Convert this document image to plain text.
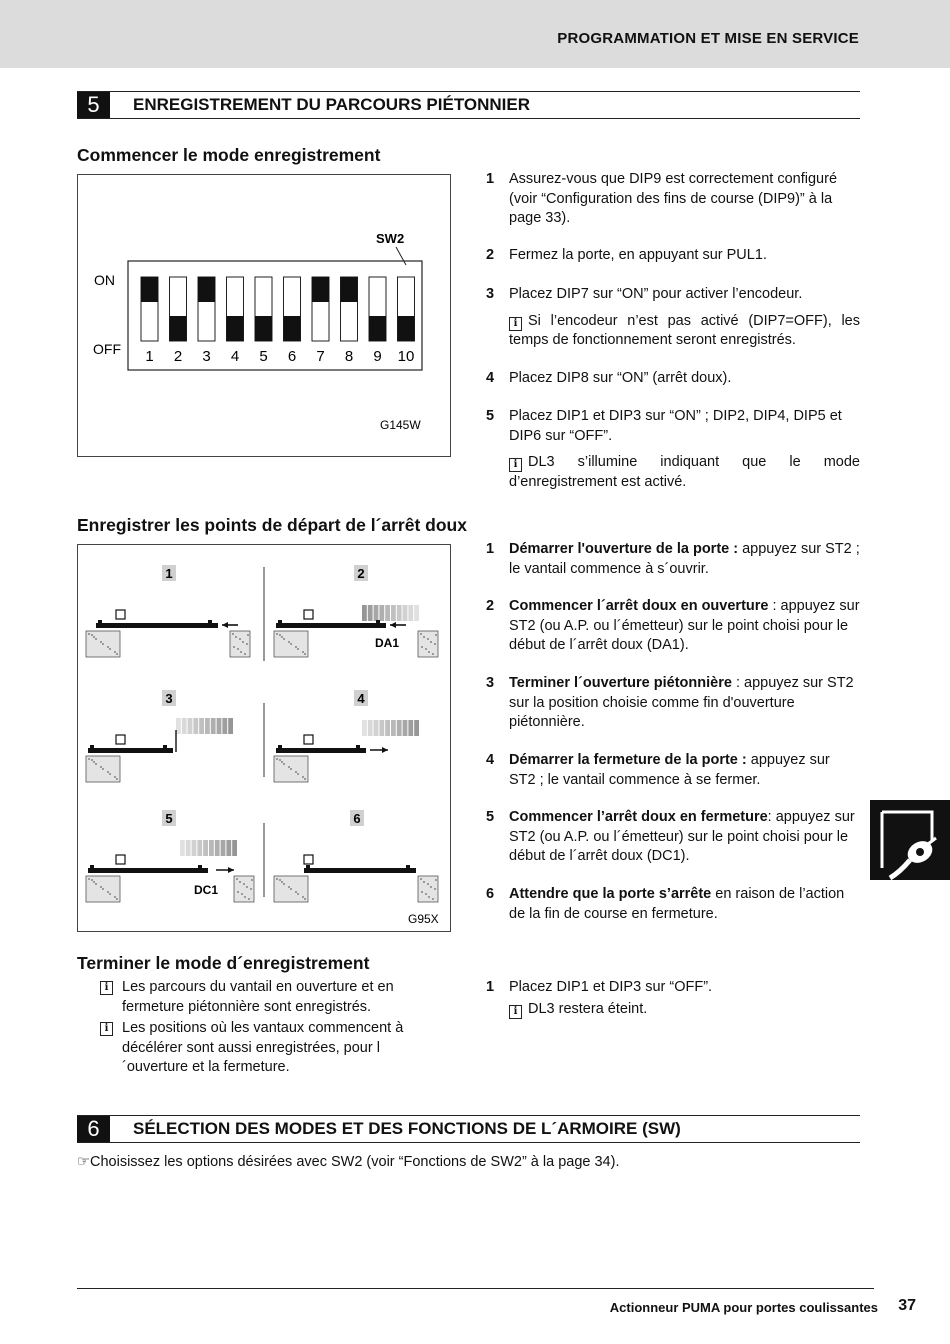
PROGRAMMATION ET MISE EN SERVICE
5	ENREGISTREMENT DU PARCOURS PIÉTONNIER
Commencer le mode enregistrement
SW2
ON
OFF 1 2 3 4 5 6 7 8 9 10
G145W
Enregistrer les points de départ de l´arrêt doux
1	2
3	4
5	6
DA1
DC1
G95X
Terminer le mode d´enregistrement
i Les parcours du vantail en ouverture et en fermeture piétonnière sont enregistrés.
i Les positions où les vantaux commencent à décélérer sont aussi enregistrées, pour l´ouverture et la fermeture.
1 Placez DIP1 et DIP3 sur “OFF”.
i DL3 restera éteint.
6	SÉLECTION DES MODES ET DES FONCTIONS DE L´ARMOIRE (SW)
☞Choisissez les options désirées avec SW2 (voir “Fonctions de SW2” à la page 34).
Actionneur PUMA pour portes coulissantes 37
1 Assurez-vous que DIP9 est correctement configuré (voir “Configuration des fins de course (DIP9)” à la page 33).
2 Fermez la porte, en appuyant sur PUL1.
3 Placez DIP7 sur “ON” pour activer l’encodeur.
i Si l’encodeur n’est pas activé (DIP7=OFF), les temps de fonctionnement seront enregistrés.
4 Placez DIP8 sur “ON” (arrêt doux).
5 Placez DIP1 et DIP3 sur “ON” ; DIP2, DIP4, DIP5 et DIP6 sur “OFF”.
i DL3 s’illumine indiquant que le mode d’enregistrement est activé.
1 Démarrer l'ouverture de la porte : appuyez sur ST2 ; le vantail commence à s´ouvrir.
2 Commencer l´arrêt doux en ouverture : appuyez sur ST2 (ou A.P. ou l´émetteur) sur le point choisi pour le début de l´arrêt doux (DA1).
3 Terminer l´ouverture piétonnière : appuyez sur ST2 sur la position choisie comme fin d'ouverture piétonnière.
4 Démarrer la fermeture de la porte : appuyez sur ST2 ; le vantail commence à se fermer.
5 Commencer l’arrêt doux en fermeture: appuyez sur ST2 (ou A.P. ou l´émetteur) sur le point choisi pour le début de l´arrêt doux (DC1).
6 Attendre que la porte s’arrête en raison de l’action de la fin de course en fermeture.
